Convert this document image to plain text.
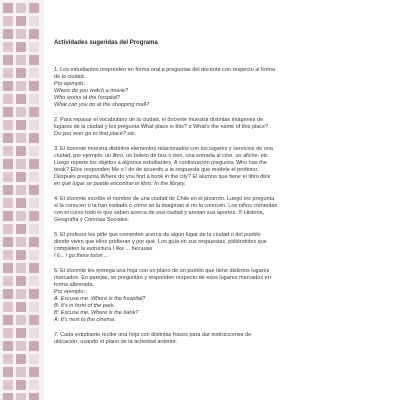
Actividades sugeridas del Programa

1. Los estudiantes responden en forma oral a preguntas del docente con respecto al forma

de la ciudad.

Por ejemplo:

Where do you watch a movie?

Who works at the hospital?

What can you do at the shopping mall?

2. Para repasar el vocabulario de la ciudad, el docente muestra distintas imágenes de

lugares de la ciudad y les pregunta What place is this? o What's the name of this place?

Do you ever go to that place? etc.

3. El docente muestra distintos elementos relacionados con los lugares y servicios de una

ciudad, por ejemplo: un libro, un boleto de bus o tren, una entrada al cine, un afiche, etc.

Luego reparte los objetos a algunos estudiantes. A continuación pregunta: Who has the

book? Ellos responden Me o I do de acuerdo a la respuesta que modele el profesor.

Después pregunta Where do you find a book in the city? El alumno que tiene el libro dice

en qué lugar se puede encontrar el libro: In the library.

4. El docente escribe el nombre de una ciudad de Chile en el pizarrón. Luego les pregunta

si la conocen o la han visitado o cómo se la imaginan si no la conocen. Los niños comentan

con el curso todo lo que saben acerca de esa ciudad y anotan sus aportes. ® Historia,

Geografía y Ciencias Sociales.

5. El profesor les pide que comenten acerca de algún lugar de la ciudad o del pueblo

donde viven que ellos prefieran y por qué. Los guía en sus respuestas, pidiéndoles que

completen la estructura I like ... because

I li... I go there to/on ...

6. El docente les entrega una hoja con un plano de un pueblo que tiene distintos lugares

marcados. En parejas, se preguntan y responden respecto de esos lugares marcados en

forma alternada.

Por ejemplo:

A: Excuse me. Where is the hospital?

B: It's in front of the park.

B: Excuse me. Where is the bank?

A: It's next to the cinema.

7. Cada estudiante recibe una hoja con distintas frases para dar instrucciones de

ubicación, usando el plano de la actividad anterior.
